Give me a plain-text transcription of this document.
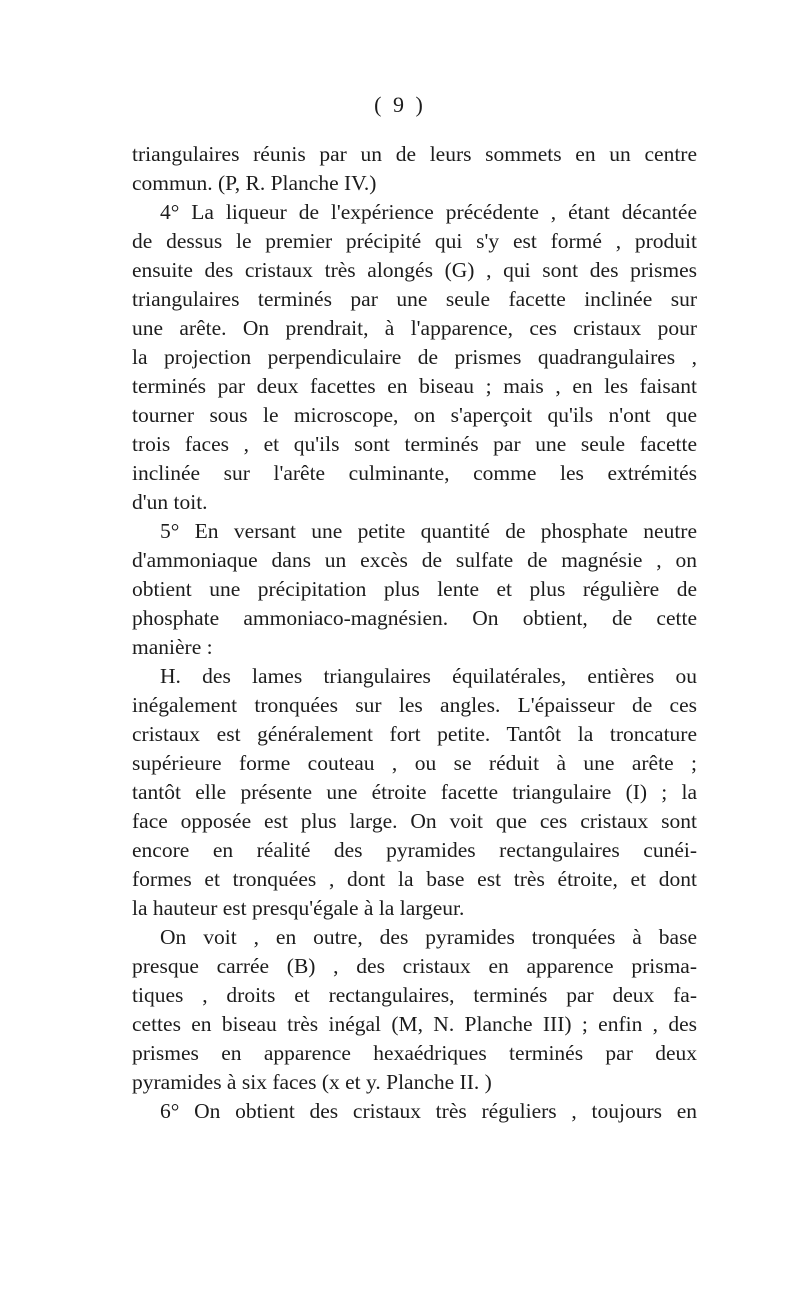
( 9 )
triangulaires réunis par un de leurs sommets en un centre
commun. (P, R. Planche IV.)
4° La liqueur de l'expérience précédente , étant décantée
de dessus le premier précipité qui s'y est formé , produit
ensuite des cristaux très alongés (G) , qui sont des prismes
triangulaires terminés par une seule facette inclinée sur
une arête. On prendrait, à l'apparence, ces cristaux pour
la projection perpendiculaire de prismes quadrangulaires ,
terminés par deux facettes en biseau ; mais , en les faisant
tourner sous le microscope, on s'aperçoit qu'ils n'ont que
trois faces , et qu'ils sont terminés par une seule facette
inclinée sur l'arête culminante, comme les extrémités
d'un toit.
5° En versant une petite quantité de phosphate neutre
d'ammoniaque dans un excès de sulfate de magnésie , on
obtient une précipitation plus lente et plus régulière de
phosphate ammoniaco-magnésien. On obtient, de cette
manière :
H. des lames triangulaires équilatérales, entières ou
inégalement tronquées sur les angles. L'épaisseur de ces
cristaux est généralement fort petite. Tantôt la troncature
supérieure forme couteau , ou se réduit à une arête ;
tantôt elle présente une étroite facette triangulaire (I) ; la
face opposée est plus large. On voit que ces cristaux sont
encore en réalité des pyramides rectangulaires cunéi-
formes et tronquées , dont la base est très étroite, et dont
la hauteur est presqu'égale à la largeur.
On voit , en outre, des pyramides tronquées à base
presque carrée (B) , des cristaux en apparence prisma-
tiques , droits et rectangulaires, terminés par deux fa-
cettes en biseau très inégal (M, N. Planche III) ; enfin , des
prismes en apparence hexaédriques terminés par deux
pyramides à six faces (x et y. Planche II. )
6° On obtient des cristaux très réguliers , toujours en
